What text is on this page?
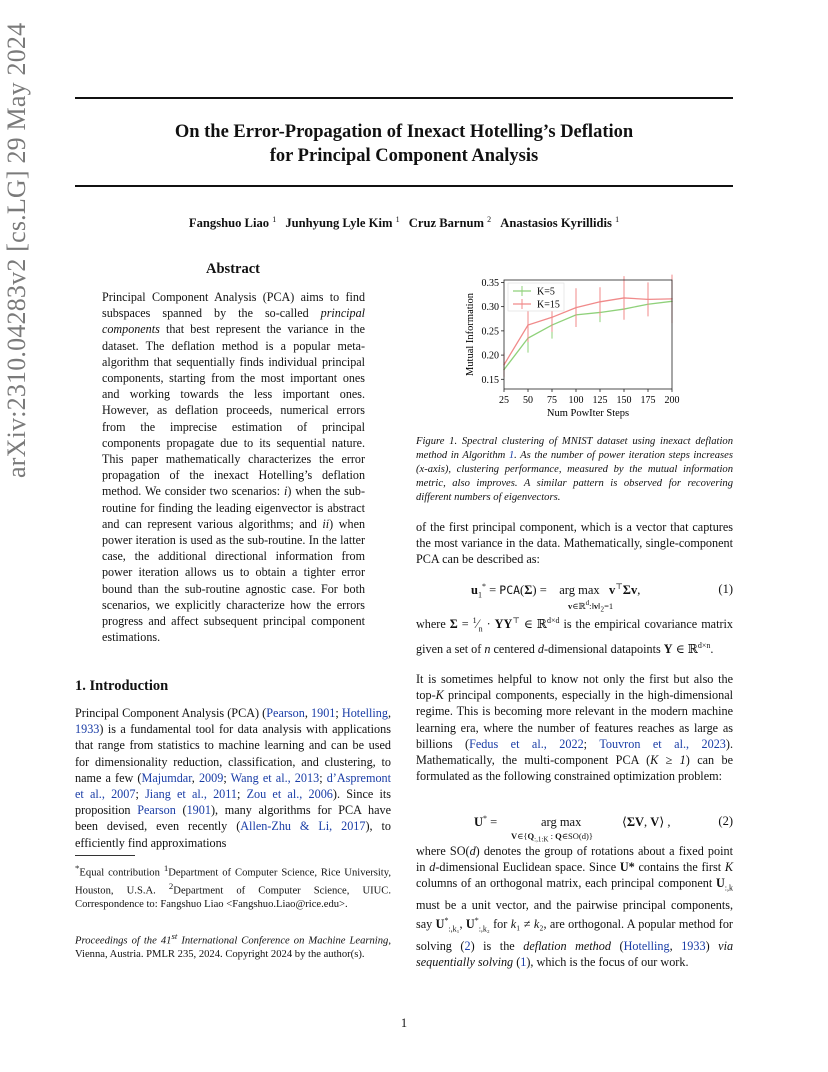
On the Error-Propagation of Inexact Hotelling’s Deflation
for Principal Component Analysis
Fangshuo Liao $^1$ Junhyung Lyle Kim $^1$ Cruz Barnum $^2$ Anastasios Kyrillidis $^1$
arXiv:2310.04283v2 [cs.LG] 29 May 2024	Abstract

Principal Component Analysis (PCA) aims to find subspaces spanned by the so-called principal components that best represent the variance in the dataset. The deflation method is a popular meta-algorithm that sequentially finds individual principal components, starting from the most important ones and working towards the less important ones. However, as deflation proceeds, numerical errors from the imprecise estimation of principal components propagate due to its sequential nature. This paper mathematically characterizes the error propagation of the inexact Hotelling’s deflation method. We consider two scenarios: i) when the sub-routine for finding the leading eigenvector is abstract and can represent various algorithms; and ii) when power iteration is used as the sub-routine. In the latter case, the additional directional information from power iteration allows us to obtain a tighter error bound than the sub-routine agnostic case. For both scenarios, we explicitly characterize how the errors progress and affect subsequent principal component estimations.

1. Introduction

Principal Component Analysis (PCA) (Pearson, 1901; Hotelling, 1933) is a fundamental tool for data analysis with applications that range from statistics to machine learning and can be used for dimensionality reduction, classification, and clustering, to name a few (Majumdar, 2009; Wang et al., 2013; d’Aspremont et al., 2007; Jiang et al., 2011; Zou et al., 2006). Since its proposition Pearson (1901), many algorithms for PCA have been devised, even recently (Allen-Zhu & Li, 2017), to efficiently find approximations

*Equal contribution $^1$Department of Computer Science, Rice University, Houston, U.S.A. $^2$Department of Computer Science, UIUC. Correspondence to: Fangshuo Liao <Fangshuo.Liao@rice.edu>.

Proceedings of the 41st International Conference on Machine Learning, Vienna, Austria. PMLR 235, 2024. Copyright 2024 by the author(s).

0.15
0.20
0.25
0.30
0.35
Mutual Information
25 50 75 100 125 150 175 200
Num PowIter Steps
K=5
K=15

Figure 1. Spectral clustering of MNIST dataset using inexact deflation method in Algorithm 1. As the number of power iteration steps increases (x-axis), clustering performance, measured by the mutual information metric, also improves. A similar pattern is observed for recovering different numbers of eigenvectors.

of the first principal component, which is a vector that captures the most variance in the data. Mathematically, single-component PCA can be described as:

$u_1^* = PCA(\Sigma)$ =    arg max   v⊤Σv,
$v\in ℝ^d:‖v‖_2=1$
(1)

where $\Sigma = ^1⁄_n \cdot YY^⊤$ ∈ ℝ$^{d\times d}$ is the empirical covariance matrix given a set of n centered d-dimensional datapoints Y ∈ ℝ$^{d\times n}$.

It is sometimes helpful to know not only the first but also the top-K principal components, especially in the high-dimensional regime. This is becoming more relevant in the modern machine learning era, where the number of features reaches as large as billions (Fedus et al., 2022; Touvron et al., 2023). Mathematically, the multi-component PCA (K ≥ 1) can be formulated as the following constrained optimization problem:

U* =              arg max             ⟨ΣV, V⟩ ,
$V\in\{Q_{:,1:K}$ : Q∈SO(d)}
(2)

where SO(d) denotes the group of rotations about a fixed point in d-dimensional Euclidean space. Since U* contains the first K columns of an orthogonal matrix, each principal component $U_{:,k}$ must be a unit vector, and the pairwise principal components, say $U^*_{:,k_1}$, $U^*_{:,k_2}$ for k₁ ≠ k₂, are orthogonal. A popular method for solving (2) is the deflation method (Hotelling, 1933) via sequentially solving (1), which is the focus of our work.

1
